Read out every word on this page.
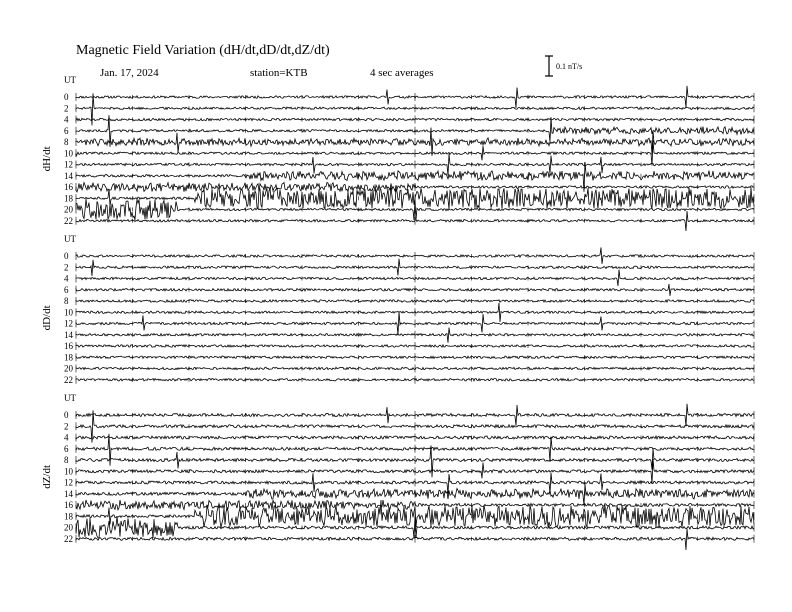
Magnetic Field Variation (dH/dt,dD/dt,dZ/dt)
Jan. 17, 2024	station=KTB	4 sec averages
0.1 nT/s
UT
dH/dt
0
2
4
6
8
10
12
14
16
18
20
22
UT
dD/dt
0
2
4
6
8
10
12
14
16
18
20
22
UT
dZ/dt
0
2
4
6
8
10
12
14
16
18
20
22
